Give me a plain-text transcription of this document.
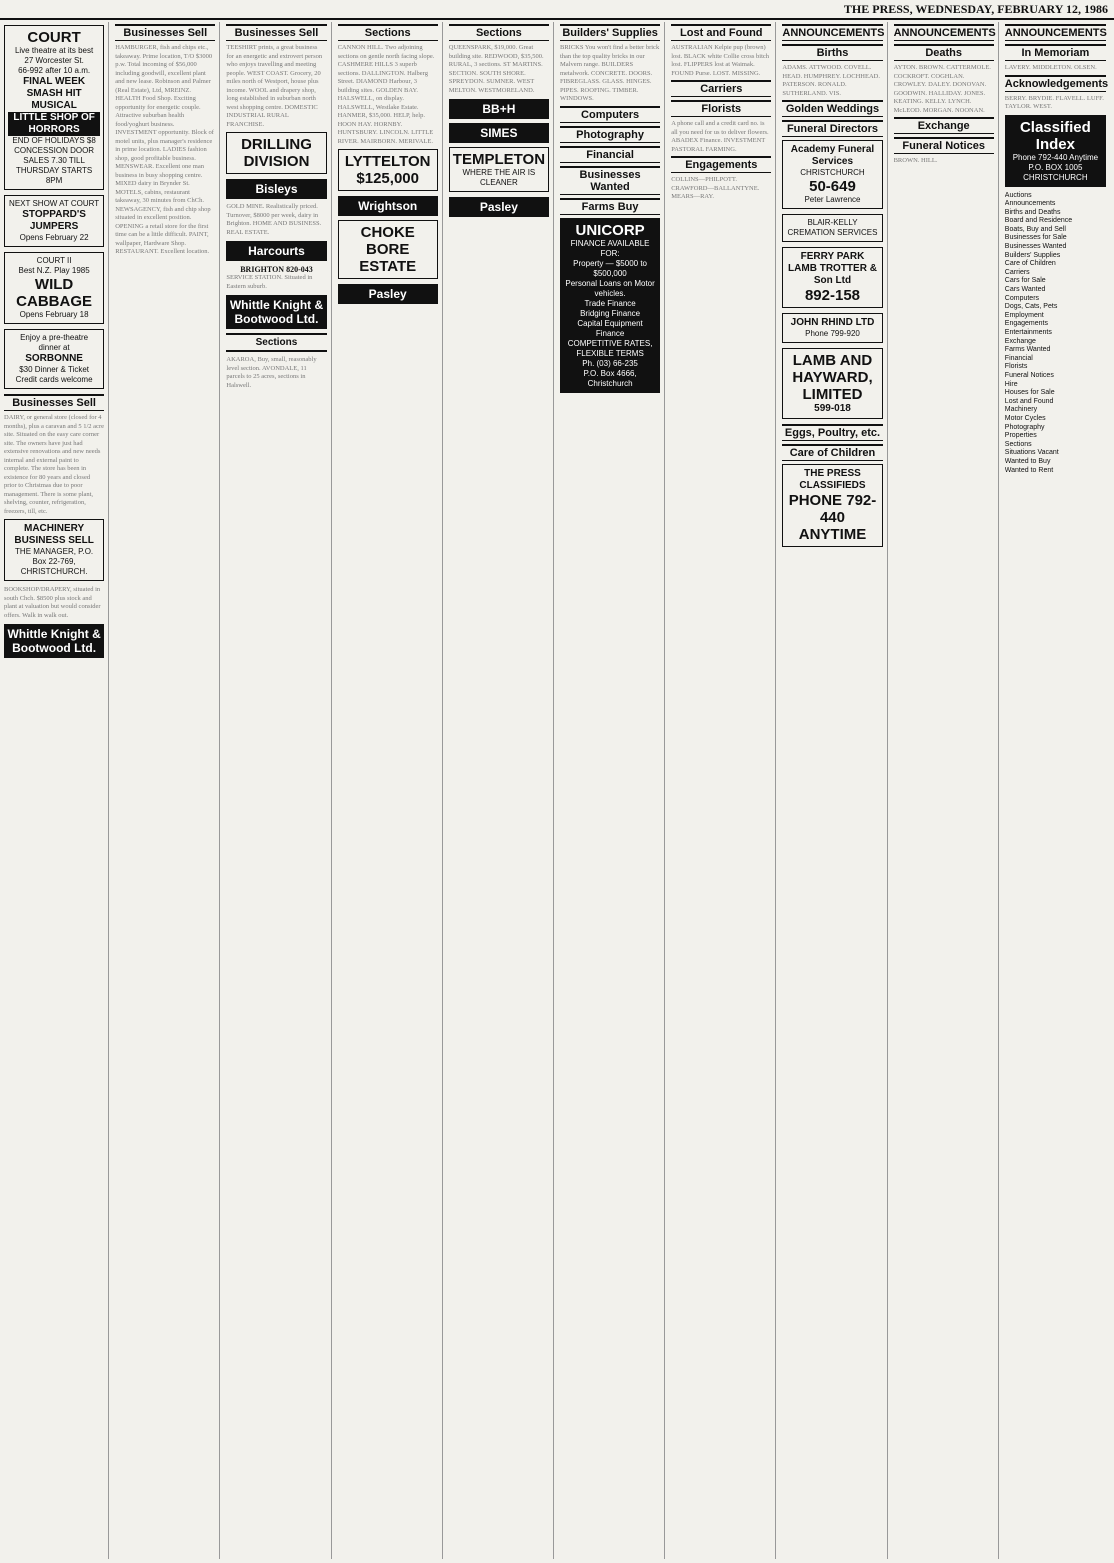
THE PRESS, WEDNESDAY, FEBRUARY 12, 1986
COURT
Live theatre at its best
27 Worcester St.
66-992 after 10 a.m.
FINAL WEEK
SMASH HIT MUSICAL
LITTLE SHOP OF HORRORS
END OF HOLIDAYS $8 CONCESSION DOOR SALES 7.30 TILL THURSDAY STARTS 8PM
NEXT SHOW AT COURT
STOPPARD'S JUMPERS
Opens February 22
COURT II
Best N.Z. Play 1985
WILD CABBAGE
Opens February 18
Enjoy a pre-theatre dinner at
SORBONNE
$30 Dinner & Ticket
Credit cards welcome
Businesses Sell
DAIRY, or general store (closed for 4 months), plus a caravan and 5 1/2 acre site. Situated on the easy care corner site. The owners have just had extensive renovations and new needs internal and external paint to complete. The store has been in existence for 80 years and closed prior to Christmas due to poor management. There is some plant, shelving, counter, refrigeration, freezers, till, etc.
MACHINERY BUSINESS SELL
THE MANAGER, P.O. Box 22-769, CHRISTCHURCH.
BOOKSHOP/DRAPERY, situated in south Chch. $8500 plus stock and plant at valuation but would consider offers. Walk in walk out.
Whittle Knight & Bootwood Ltd.
Businesses Sell
HAMBURGER, fish and chips etc., takeaway. Prime location, T/O $3000 p.w. Total incoming of $56,000 including goodwill, excellent plant and new lease. Robinson and Palmer (Real Estate), Ltd, MREINZ. HEALTH Food Shop. Exciting opportunity for energetic couple. Attractive suburban health food/yoghurt business. INVESTMENT opportunity. Block of motel units, plus manager's residence in prime location. LADIES fashion shop, good profitable business. MENSWEAR. Excellent one man business in busy shopping centre. MIXED dairy in Brynder St. MOTELS, cabins, restaurant takeaway, 30 minutes from ChCh. NEWSAGENCY, fish and chip shop situated in excellent position. OPENING a retail store for the first time can be a little difficult. PAINT, wallpaper, Hardware Shop. RESTAURANT. Excellent location.
Businesses Sell
TEESHIRT prints, a great business for an energetic and extrovert person who enjoys travelling and meeting people. WEST COAST. Grocery, 20 miles north of Westport, house plus income. WOOL and drapery shop, long established in suburban north west shopping centre. DOMESTIC INDUSTRIAL RURAL FRANCHISE.
DRILLING DIVISION
Bisleys
GOLD MINE. Realistically priced. Turnover, $8000 per week, dairy in Brighton. HOME AND BUSINESS. REAL ESTATE.
Harcourts
BRIGHTON 820-043
SERVICE STATION. Situated in Eastern suburb.
Whittle Knight & Bootwood Ltd.
Sections
AKAROA, Buy, small, reasonably level section. AVONDALE, 11 parcels to 25 acres, sections in Halswell.
Sections
CANNON HILL. Two adjoining sections on gentle north facing slope. CASHMERE HILLS 3 superb sections. DALLINGTON. Halberg Street. DIAMOND Harbour, 3 building sites. GOLDEN BAY. HALSWELL, on display. HALSWELL, Westlake Estate. HANMER, $35,000. HELP, help. HOON HAY. HORNBY. HUNTSBURY. LINCOLN. LITTLE RIVER. MAIRBORN. MERIVALE.
LYTTELTON
$125,000
Wrightson
CHOKE BORE ESTATE
Pasley
Sections
QUEENSPARK, $19,000. Great building site. REDWOOD, $35,500. RURAL, 3 sections. ST MARTINS. SECTION. SOUTH SHORE. SPREYDON. SUMNER. WEST MELTON. WESTMORELAND.
BB+H
SIMES
TEMPLETON
WHERE THE AIR IS CLEANER
Pasley
Builders' Supplies
BRICKS You won't find a better brick than the top quality bricks in our Malvern range. BUILDERS metalwork. CONCRETE. DOORS. FIBREGLASS. GLASS. HINGES. PIPES. ROOFING. TIMBER. WINDOWS.
Computers
Photography
Financial
Businesses Wanted
Farms Buy
UNICORP
FINANCE AVAILABLE FOR:
Property — $5000 to $500,000
Personal Loans on Motor vehicles.
Trade Finance
Bridging Finance
Capital Equipment Finance
COMPETITIVE RATES, FLEXIBLE TERMS
Ph. (03) 66-235
P.O. Box 4666, Christchurch
Lost and Found
AUSTRALIAN Kelpie pup (brown) lost. BLACK white Collie cross bitch lost. FLIPPERS lost at Waimak. FOUND Purse. LOST. MISSING.
Carriers
Florists
A phone call and a credit card no. is all you need for us to deliver flowers. ABADEX Finance. INVESTMENT PASTORAL FARMING.
Engagements
COLLINS—PHILPOTT. CRAWFORD—BALLANTYNE. MEARS—RAY.
ANNOUNCEMENTS
Births
ADAMS. ATTWOOD. COVELL. HEAD. HUMPHREY. LOCHHEAD. PATERSON. RONALD. SUTHERLAND. VIS.
Golden Weddings
Funeral Directors
Academy Funeral Services
CHRISTCHURCH
50-649
Peter Lawrence
BLAIR-KELLY CREMATION SERVICES
FERRY PARK LAMB TROTTER & Son Ltd
892-158
JOHN RHIND LTD
Phone 799-920
LAMB AND HAYWARD, LIMITED
599-018
Eggs, Poultry, etc.
Care of Children
THE PRESS CLASSIFIEDS
PHONE 792-440
ANYTIME
ANNOUNCEMENTS
Deaths
AYTON. BROWN. CATTERMOLE. COCKROFT. COGHLAN. CROWLEY. DALEY. DONOVAN. GOODWIN. HALLIDAY. JONES. KEATING. KELLY. LYNCH. McLEOD. MORGAN. NOONAN.
Exchange
Funeral Notices
BROWN. HILL.
ANNOUNCEMENTS
In Memoriam
LAVERY. MIDDLETON. OLSEN.
Acknowledgements
BERRY. BRYDIE. FLAVELL. LUFF. TAYLOR. WEST.
Classified Index
Phone 792-440 Anytime
P.O. BOX 1005 CHRISTCHURCH
Auctions
Announcements
Births and Deaths
Board and Residence
Boats, Buy and Sell
Businesses for Sale
Businesses Wanted
Builders' Supplies
Care of Children
Carriers
Cars for Sale
Cars Wanted
Computers
Dogs, Cats, Pets
Employment
Engagements
Entertainments
Exchange
Farms Wanted
Financial
Florists
Funeral Notices
Hire
Houses for Sale
Lost and Found
Machinery
Motor Cycles
Photography
Properties
Sections
Situations Vacant
Wanted to Buy
Wanted to Rent
